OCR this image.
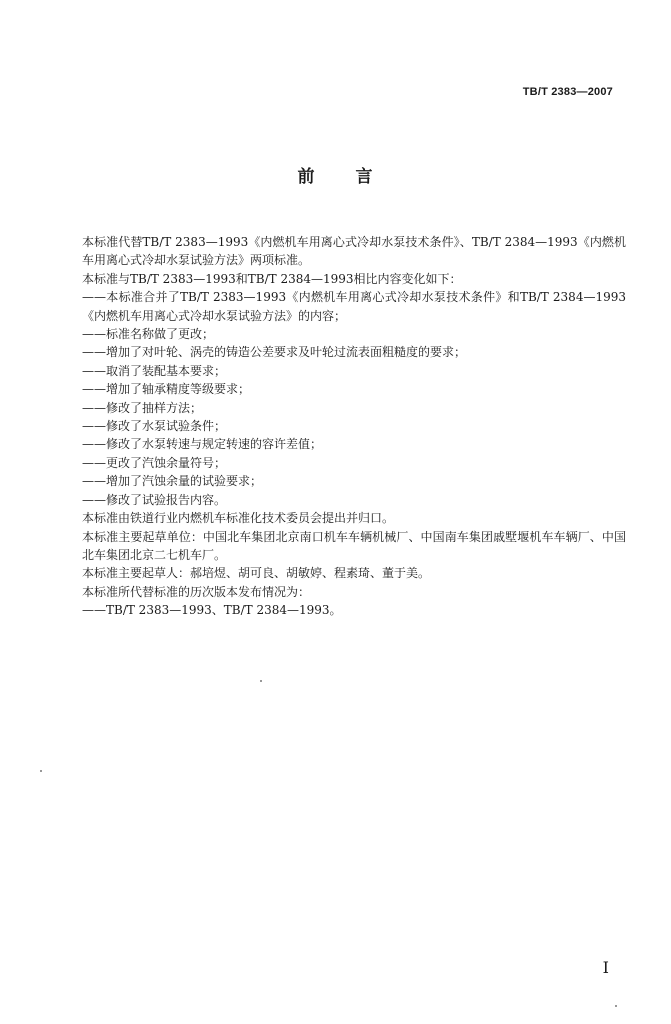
TB/T 2383—2007
前 言

本标准代替TB/T 2383—1993《内燃机车用离心式冷却水泵技术条件》、TB/T 2384—1993《内燃机车用离心式冷却水泵试验方法》两项标准。

本标准与TB/T 2383—1993和TB/T 2384—1993相比内容变化如下：

——本标准合并了TB/T 2383—1993《内燃机车用离心式冷却水泵技术条件》和TB/T 2384—1993《内燃机车用离心式冷却水泵试验方法》的内容；

——标准名称做了更改；

——增加了对叶轮、涡壳的铸造公差要求及叶轮过流表面粗糙度的要求；

——取消了装配基本要求；

——增加了轴承精度等级要求；

——修改了抽样方法；

——修改了水泵试验条件；

——修改了水泵转速与规定转速的容许差值；

——更改了汽蚀余量符号；

——增加了汽蚀余量的试验要求；

——修改了试验报告内容。

本标准由铁道行业内燃机车标准化技术委员会提出并归口。

本标准主要起草单位：中国北车集团北京南口机车车辆机械厂、中国南车集团戚墅堰机车车辆厂、中国北车集团北京二七机车厂。

本标准主要起草人：郝培煜、胡可良、胡敏婷、程素琦、董于美。

本标准所代替标准的历次版本发布情况为：

——TB/T 2383—1993、TB/T 2384—1993。

I
